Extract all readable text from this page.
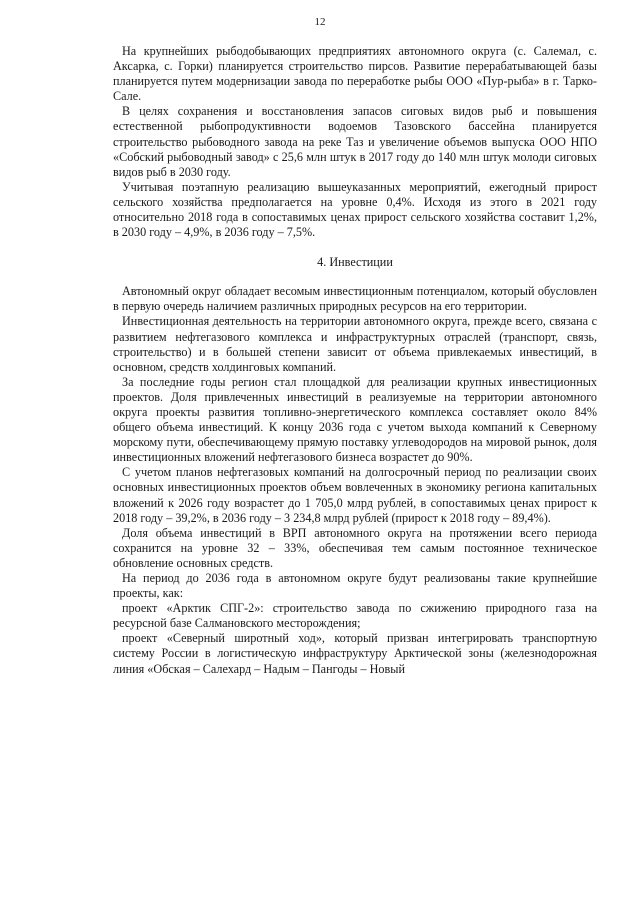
12

На крупнейших рыбодобывающих предприятиях автономного округа (с. Салемал, с. Аксарка, с. Горки) планируется строительство пирсов. Развитие перерабатывающей базы планируется путем модернизации завода по переработке рыбы ООО «Пур-рыба» в г. Тарко-Сале.

В целях сохранения и восстановления запасов сиговых видов рыб и повышения естественной рыбопродуктивности водоемов Тазовского бассейна планируется строительство рыбоводного завода на реке Таз и увеличение объемов выпуска ООО НПО «Собский рыбоводный завод» с 25,6 млн штук в 2017 году до 140 млн штук молоди сиговых видов рыб в 2030 году.

Учитывая поэтапную реализацию вышеуказанных мероприятий, ежегодный прирост сельского хозяйства предполагается на уровне 0,4%. Исходя из этого в 2021 году относительно 2018 года в сопоставимых ценах прирост сельского хозяйства составит 1,2%, в 2030 году – 4,9%, в 2036 году – 7,5%.

4. Инвестиции

Автономный округ обладает весомым инвестиционным потенциалом, который обусловлен в первую очередь наличием различных природных ресурсов на его территории.

Инвестиционная деятельность на территории автономного округа, прежде всего, связана с развитием нефтегазового комплекса и инфраструктурных отраслей (транспорт, связь, строительство) и в большей степени зависит от объема привлекаемых инвестиций, в основном, средств холдинговых компаний.

За последние годы регион стал площадкой для реализации крупных инвестиционных проектов. Доля привлеченных инвестиций в реализуемые на территории автономного округа проекты развития топливно-энергетического комплекса составляет около 84% общего объема инвестиций. К концу 2036 года с учетом выхода компаний к Северному морскому пути, обеспечивающему прямую поставку углеводородов на мировой рынок, доля инвестиционных вложений нефтегазового бизнеса возрастет до 90%.

С учетом планов нефтегазовых компаний на долгосрочный период по реализации своих основных инвестиционных проектов объем вовлеченных в экономику региона капитальных вложений к 2026 году возрастет до 1 705,0 млрд рублей, в сопоставимых ценах прирост к 2018 году – 39,2%, в 2036 году – 3 234,8 млрд рублей (прирост к 2018 году – 89,4%).

Доля объема инвестиций в ВРП автономного округа на протяжении всего периода сохранится на уровне 32 – 33%, обеспечивая тем самым постоянное техническое обновление основных средств.

На период до 2036 года в автономном округе будут реализованы такие крупнейшие проекты, как:

проект «Арктик СПГ-2»: строительство завода по сжижению природного газа на ресурсной базе Салмановского месторождения;

проект «Северный широтный ход», который призван интегрировать транспортную систему России в логистическую инфраструктуру Арктической зоны (железнодорожная линия «Обская – Салехард – Надым – Пангоды – Новый
